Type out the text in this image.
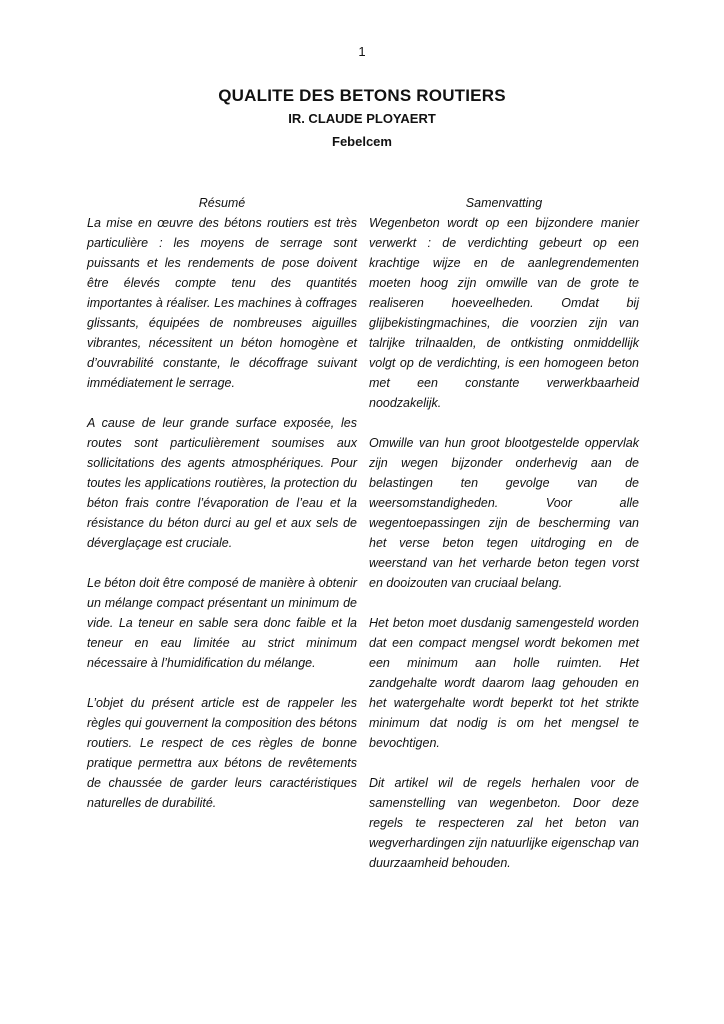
1
QUALITE DES BETONS ROUTIERS
IR. CLAUDE PLOYAERT
Febelcem
Résumé

La mise en œuvre des bétons routiers est très particulière : les moyens de serrage sont puissants et les rendements de pose doivent être élevés compte tenu des quantités importantes à réaliser. Les machines à coffrages glissants, équipées de nombreuses aiguilles vibrantes, nécessitent un béton homogène et d’ouvrabilité constante, le décoffrage suivant immédiatement le serrage.

A cause de leur grande surface exposée, les routes sont particulièrement soumises aux sollicitations des agents atmosphériques. Pour toutes les applications routières, la protection du béton frais contre l’évaporation de l’eau et la résistance du béton durci au gel et aux sels de déverglaçage est cruciale.

Le béton doit être composé de manière à obtenir un mélange compact présentant un minimum de vide. La teneur en sable sera donc faible et la teneur en eau limitée au strict minimum nécessaire à l’humidification du mélange.

L’objet du présent article est de rappeler les règles qui gouvernent la composition des bétons routiers. Le respect de ces règles de bonne pratique permettra aux bétons de revêtements de chaussée de garder leurs caractéristiques naturelles de durabilité.

Samenvatting

Wegenbeton wordt op een bijzondere manier verwerkt : de verdichting gebeurt op een krachtige wijze en de aanlegrendementen moeten hoog zijn omwille van de grote te realiseren hoeveelheden. Omdat bij glijbekistingmachines, die voorzien zijn van talrijke trilnaalden, de ontkisting onmiddellijk volgt op de verdichting, is een homogeen beton met een constante verwerkbaarheid noodzakelijk.

Omwille van hun groot blootgestelde oppervlak zijn wegen bijzonder onderhevig aan de belastingen ten gevolge van de weersomstandigheden. Voor alle wegentoepassingen zijn de bescherming van het verse beton tegen uitdroging en de weerstand van het verharde beton tegen vorst en dooizouten van cruciaal belang.

Het beton moet dusdanig samengesteld worden dat een compact mengsel wordt bekomen met een minimum aan holle ruimten. Het zandgehalte wordt daarom laag gehouden en het watergehalte wordt beperkt tot het strikte minimum dat nodig is om het mengsel te bevochtigen.

Dit artikel wil de regels herhalen voor de samenstelling van wegenbeton. Door deze regels te respecteren zal het beton van wegverhardingen zijn natuurlijke eigenschap van duurzaamheid behouden.
